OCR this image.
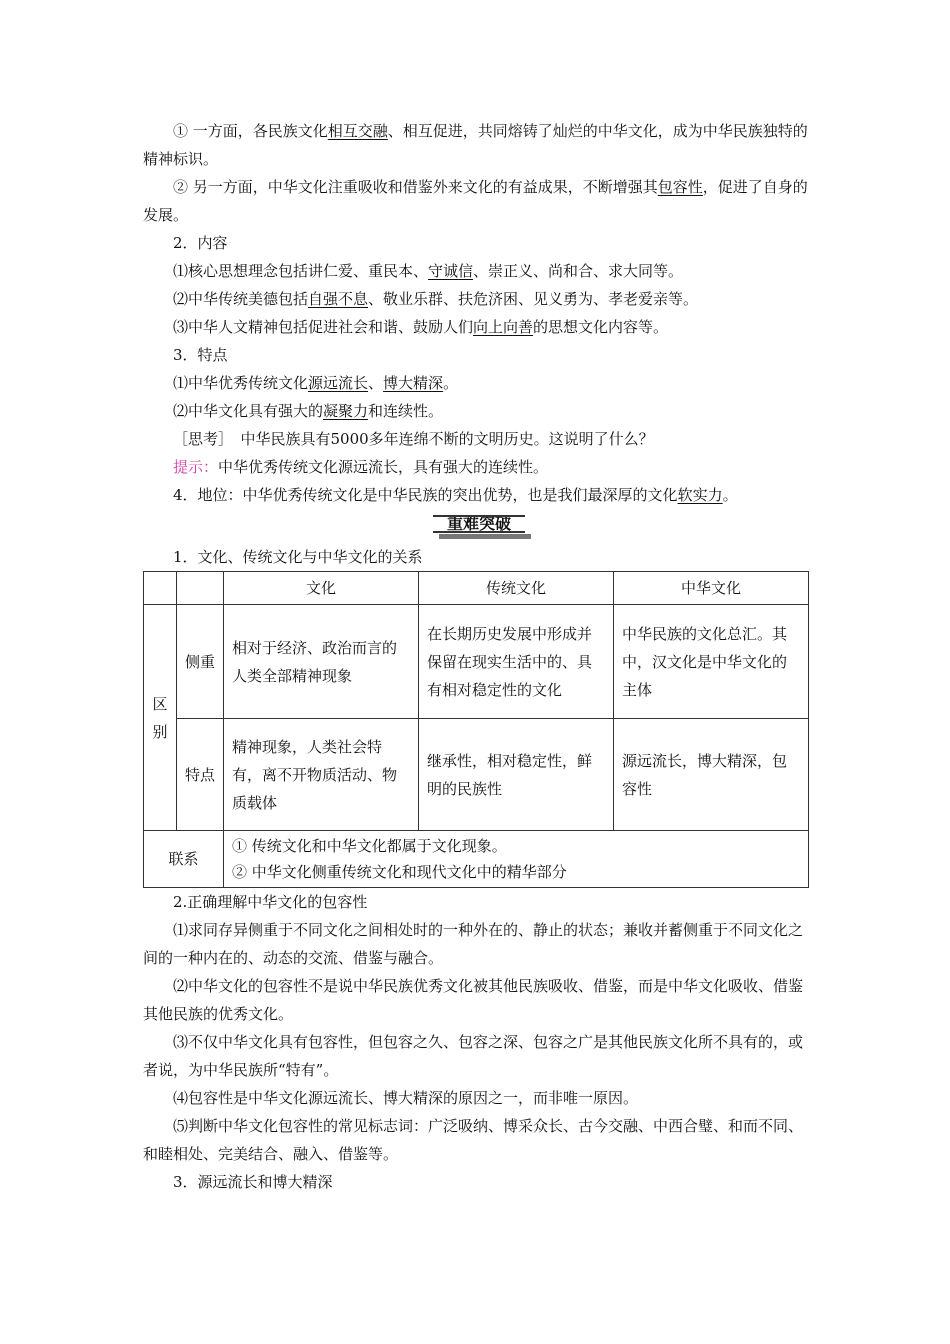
① 一方面，各民族文化相互交融、相互促进，共同熔铸了灿烂的中华文化，成为中华民族独特的精神标识。

② 另一方面，中华文化注重吸收和借鉴外来文化的有益成果，不断增强其包容性，促进了自身的发展。

2．内容

⑴核心思想理念包括讲仁爱、重民本、守诚信、崇正义、尚和合、求大同等。

⑵中华传统美德包括自强不息、敬业乐群、扶危济困、见义勇为、孝老爱亲等。

⑶中华人文精神包括促进社会和谐、鼓励人们向上向善的思想文化内容等。

3．特点

⑴中华优秀传统文化源远流长、博大精深。

⑵中华文化具有强大的凝聚力和连续性。

［思考］　中华民族具有5000多年连绵不断的文明历史。这说明了什么？

提示：中华优秀传统文化源远流长，具有强大的连续性。

4．地位：中华优秀传统文化是中华民族的突出优势，也是我们最深厚的文化软实力。

重难突破

1．文化、传统文化与中华文化的关系

		文化	传统文化	中华文化
区别	侧重	相对于经济、政治而言的人类全部精神现象	在长期历史发展中形成并保留在现实生活中的、具有相对稳定性的文化	中华民族的文化总汇。其中，汉文化是中华文化的主体
	特点	精神现象，人类社会特有，离不开物质活动、物质载体	继承性，相对稳定性，鲜明的民族性	源远流长，博大精深，包容性
联系		① 传统文化和中华文化都属于文化现象。
② 中华文化侧重传统文化和现代文化中的精华部分		

2.正确理解中华文化的包容性

⑴求同存异侧重于不同文化之间相处时的一种外在的、静止的状态；兼收并蓄侧重于不同文化之间的一种内在的、动态的交流、借鉴与融合。

⑵中华文化的包容性不是说中华民族优秀文化被其他民族吸收、借鉴，而是中华文化吸收、借鉴其他民族的优秀文化。

⑶不仅中华文化具有包容性，但包容之久、包容之深、包容之广是其他民族文化所不具有的，或者说，为中华民族所“特有”。

⑷包容性是中华文化源远流长、博大精深的原因之一，而非唯一原因。

⑸判断中华文化包容性的常见标志词：广泛吸纳、博采众长、古今交融、中西合璧、和而不同、和睦相处、完美结合、融入、借鉴等。

3．源远流长和博大精深
